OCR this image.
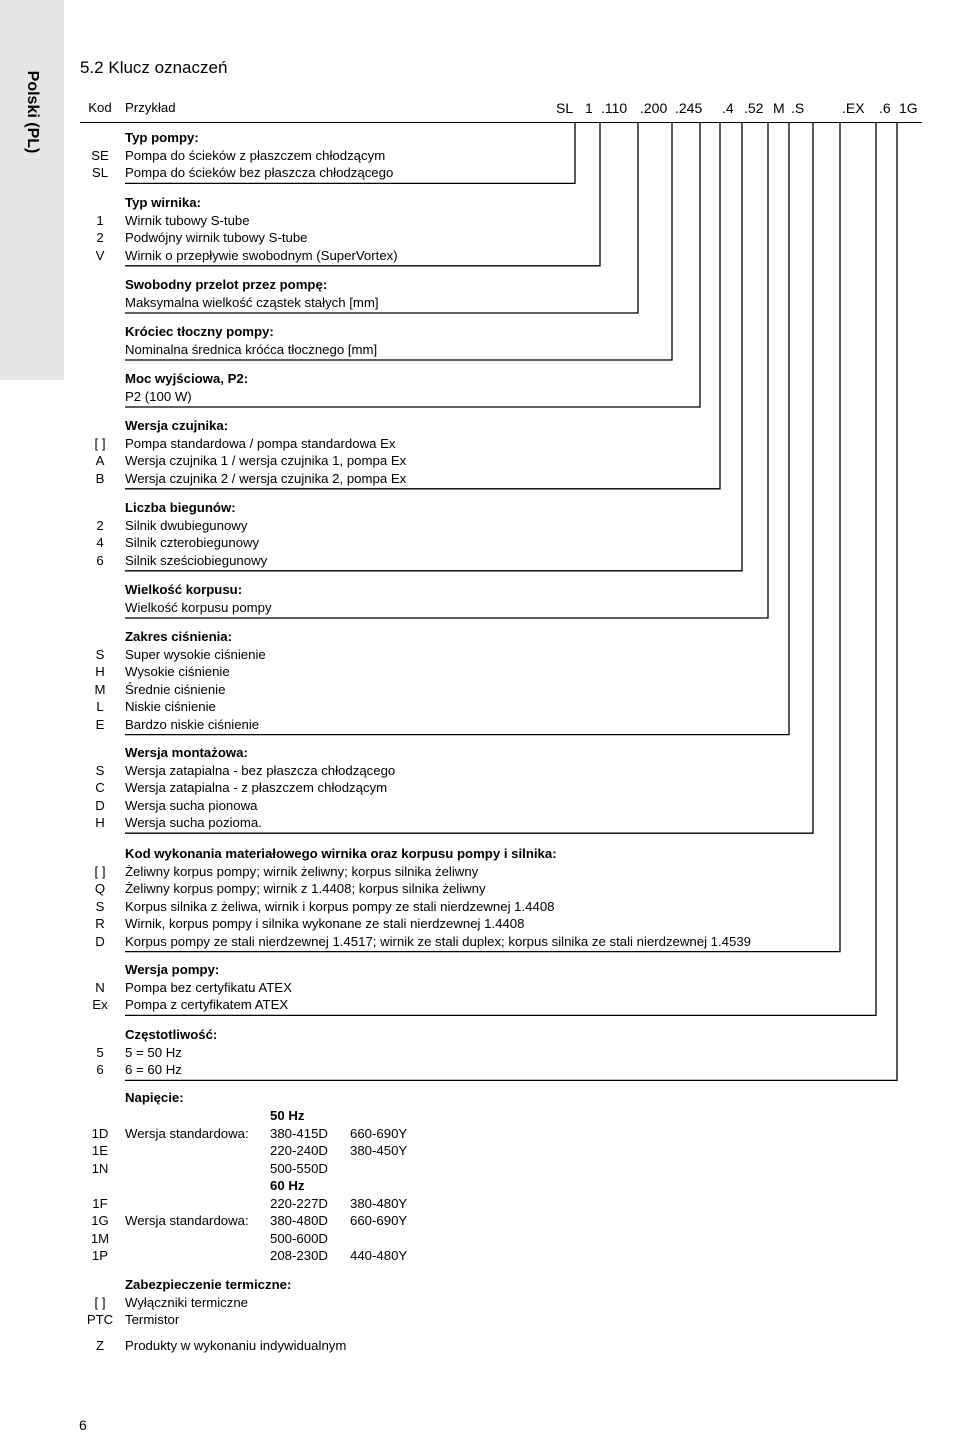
Polski (PL)
5.2 Klucz oznaczeń
Kod	Przykład	SL 1 .110 .200 .245 .4 .52 M .S	.EX .6 1G
Typ pompy:
SE	Pompa do ścieków z płaszczem chłodzącym
SL	Pompa do ścieków bez płaszcza chłodzącego
Typ wirnika:
1	Wirnik tubowy S-tube
2	Podwójny wirnik tubowy S-tube
V	Wirnik o przepływie swobodnym (SuperVortex)
Swobodny przelot przez pompę:
Maksymalna wielkość cząstek stałych [mm]
Króciec tłoczny pompy:
Nominalna średnica króćca tłocznego [mm]
Moc wyjściowa, P2:
P2 (100 W)
Wersja czujnika:
[ ]	Pompa standardowa / pompa standardowa Ex
A	Wersja czujnika 1 / wersja czujnika 1, pompa Ex
B	Wersja czujnika 2 / wersja czujnika 2, pompa Ex
Liczba biegunów:
2	Silnik dwubiegunowy
4	Silnik czterobiegunowy
6	Silnik sześciobiegunowy
Wielkość korpusu:
Wielkość korpusu pompy
Zakres ciśnienia:
S	Super wysokie ciśnienie
H	Wysokie ciśnienie
M	Średnie ciśnienie
L	Niskie ciśnienie
E	Bardzo niskie ciśnienie
Wersja montażowa:
S	Wersja zatapialna - bez płaszcza chłodzącego
C	Wersja zatapialna - z płaszczem chłodzącym
D	Wersja sucha pionowa
H	Wersja sucha pozioma.
Kod wykonania materiałowego wirnika oraz korpusu pompy i silnika:
[ ]	Żeliwny korpus pompy; wirnik żeliwny; korpus silnika żeliwny
Q	Żeliwny korpus pompy; wirnik z 1.4408; korpus silnika żeliwny
S	Korpus silnika z żeliwa, wirnik i korpus pompy ze stali nierdzewnej 1.4408
R	Wirnik, korpus pompy i silnika wykonane ze stali nierdzewnej 1.4408
D	Korpus pompy ze stali nierdzewnej 1.4517; wirnik ze stali duplex; korpus silnika ze stali nierdzewnej 1.4539
Wersja pompy:
N	Pompa bez certyfikatu ATEX
Ex	Pompa z certyfikatem ATEX
Częstotliwość:
5	5 = 50 Hz
6	6 = 60 Hz
Napięcie:
50 Hz
1D	Wersja standardowa: 380-415D 660-690Y
1E	220-240D 380-450Y
1N	500-550D
60 Hz
1F	220-227D 380-480Y
1G	Wersja standardowa: 380-480D 660-690Y
1M	500-600D
1P	208-230D 440-480Y
Zabezpieczenie termiczne:
[ ]	Wyłączniki termiczne
PTC Termistor
Z	Produkty w wykonaniu indywidualnym
6
